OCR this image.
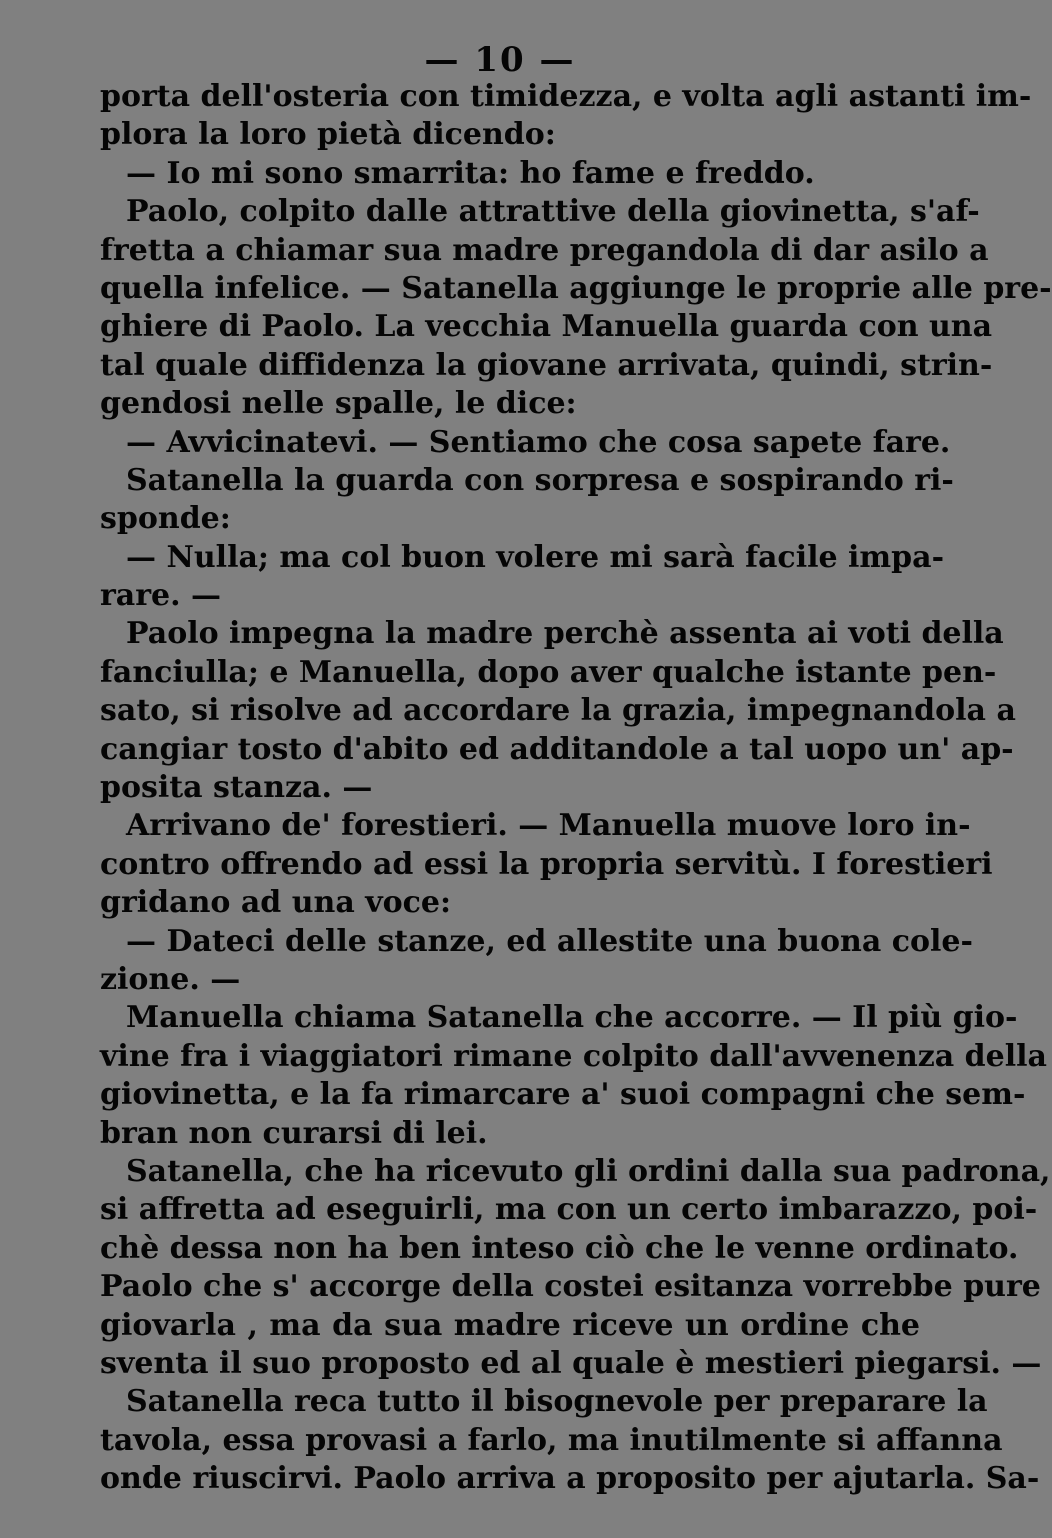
— 10 —
porta dell'osteria con timidezza, e volta agli astanti im-
plora la loro pietà dicendo:
— Io mi sono smarrita: ho fame e freddo.
Paolo, colpito dalle attrattive della giovinetta, s'af-
fretta a chiamar sua madre pregandola di dar asilo a
quella infelice. — Satanella aggiunge le proprie alle pre-
ghiere di Paolo. La vecchia Manuella guarda con una
tal quale diffidenza la giovane arrivata, quindi, strin-
gendosi nelle spalle, le dice:
— Avvicinatevi. — Sentiamo che cosa sapete fare.
Satanella la guarda con sorpresa e sospirando ri-
sponde:
— Nulla; ma col buon volere mi sarà facile impa-
rare. —
Paolo impegna la madre perchè assenta ai voti della
fanciulla; e Manuella, dopo aver qualche istante pen-
sato, si risolve ad accordare la grazia, impegnandola a
cangiar tosto d'abito ed additandole a tal uopo un' ap-
posita stanza. —
Arrivano de' forestieri. — Manuella muove loro in-
contro offrendo ad essi la propria servitù. I forestieri
gridano ad una voce:
— Dateci delle stanze, ed allestite una buona cole-
zione. —
Manuella chiama Satanella che accorre. — Il più gio-
vine fra i viaggiatori rimane colpito dall'avvenenza della
giovinetta, e la fa rimarcare a' suoi compagni che sem-
bran non curarsi di lei.
Satanella, che ha ricevuto gli ordini dalla sua padrona,
si affretta ad eseguirli, ma con un certo imbarazzo, poi-
chè dessa non ha ben inteso ciò che le venne ordinato.
Paolo che s' accorge della costei esitanza vorrebbe pure
giovarla , ma da sua madre riceve un ordine che
sventa il suo proposto ed al quale è mestieri piegarsi. —
Satanella reca tutto il bisognevole per preparare la
tavola, essa provasi a farlo, ma inutilmente si affanna
onde riuscirvi. Paolo arriva a proposito per ajutarla. Sa-
